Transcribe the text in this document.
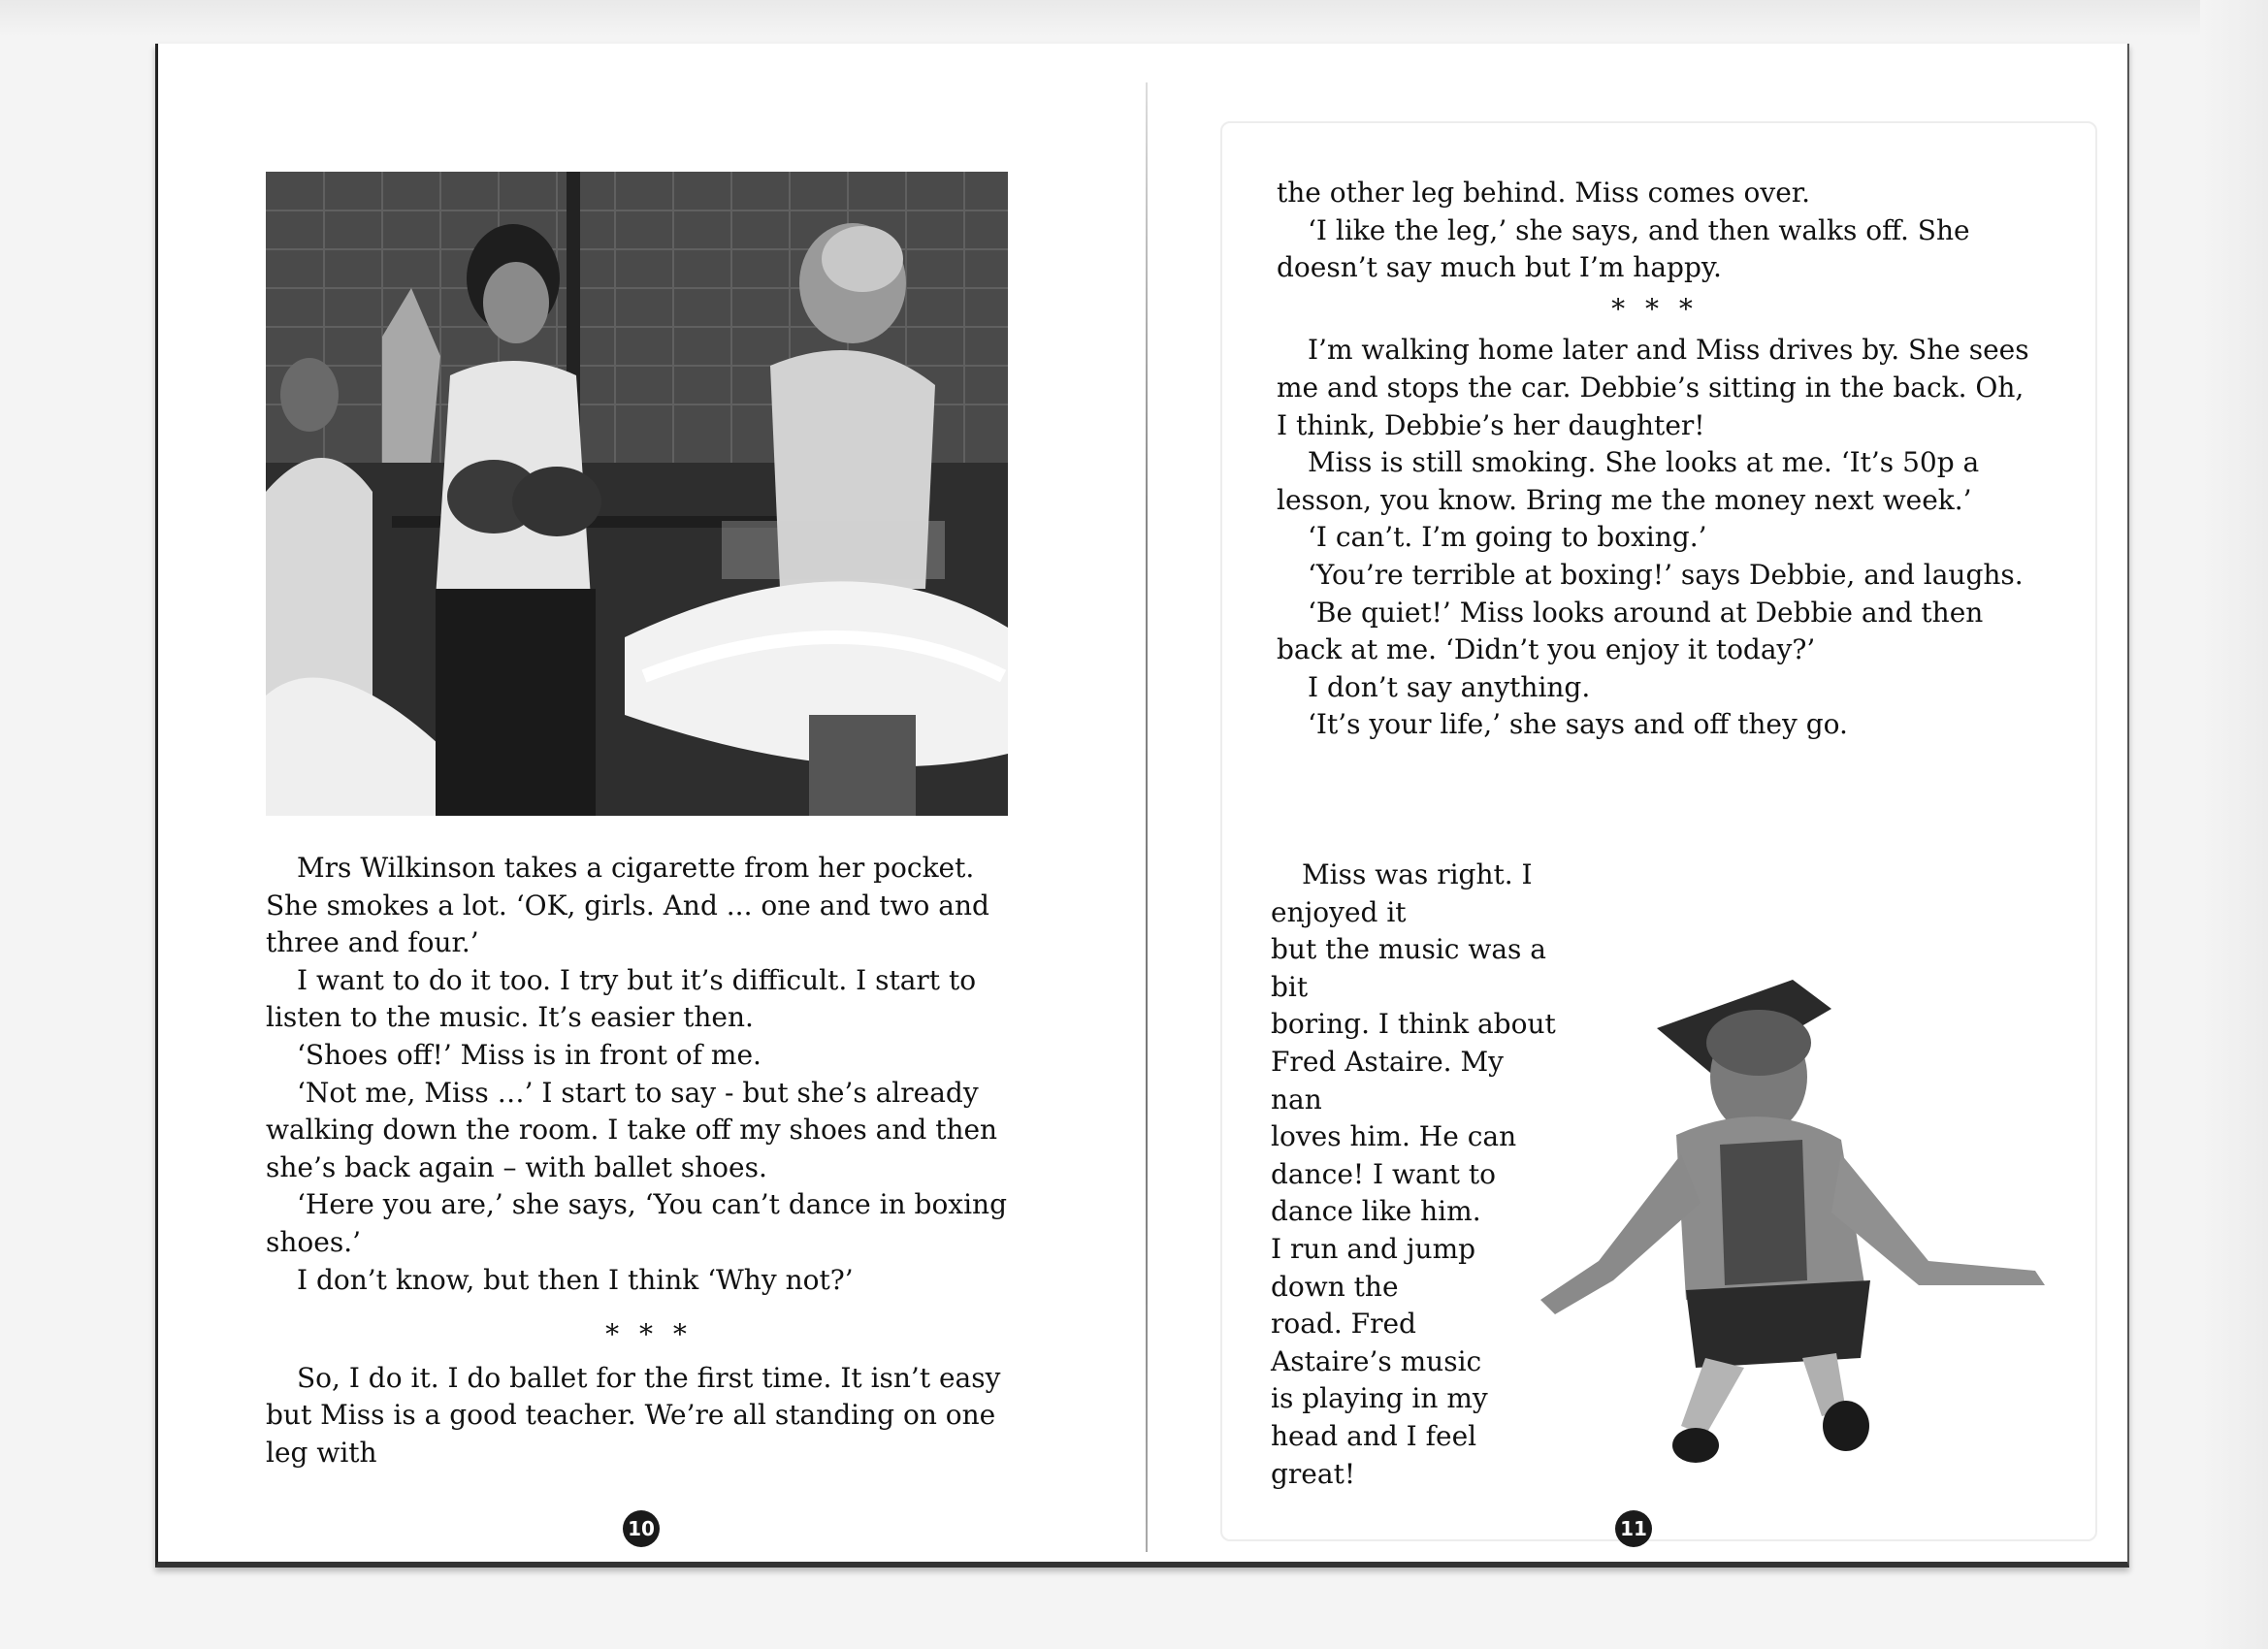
Mrs Wilkinson takes a cigarette from her pocket. She smokes a lot. ‘OK, girls. And ... one and two and three and four.’

I want to do it too. I try but it’s difficult. I start to listen to the music. It’s easier then.

‘Shoes off!’ Miss is in front of me.

‘Not me, Miss …’ I start to say - but she’s already walking down the room. I take off my shoes and then she’s back again – with ballet shoes.

‘Here you are,’ she says, ‘You can’t dance in boxing shoes.’

I don’t know, but then I think ‘Why not?’

* * *

So, I do it. I do ballet for the first time. It isn’t easy but Miss is a good teacher. We’re all standing on one leg with

10

the other leg behind. Miss comes over.

‘I like the leg,’ she says, and then walks off. She doesn’t say much but I’m happy.

* * *

I’m walking home later and Miss drives by. She sees me and stops the car. Debbie’s sitting in the back. Oh, I think, Debbie’s her daughter!

Miss is still smoking. She looks at me. ‘It’s 50p a lesson, you know. Bring me the money next week.’

‘I can’t. I’m going to boxing.’

‘You’re terrible at boxing!’ says Debbie, and laughs.

‘Be quiet!’ Miss looks around at Debbie and then back at me. ‘Didn’t you enjoy it today?’

I don’t say anything.

‘It’s your life,’ she says and off they go.

Miss was right. I enjoyed it

but the music was a bit

boring. I think about

Fred Astaire. My nan

loves him. He can

dance! I want to

dance like him.

I run and jump

down the

road. Fred

Astaire’s music

is playing in my

head and I feel great!

11
